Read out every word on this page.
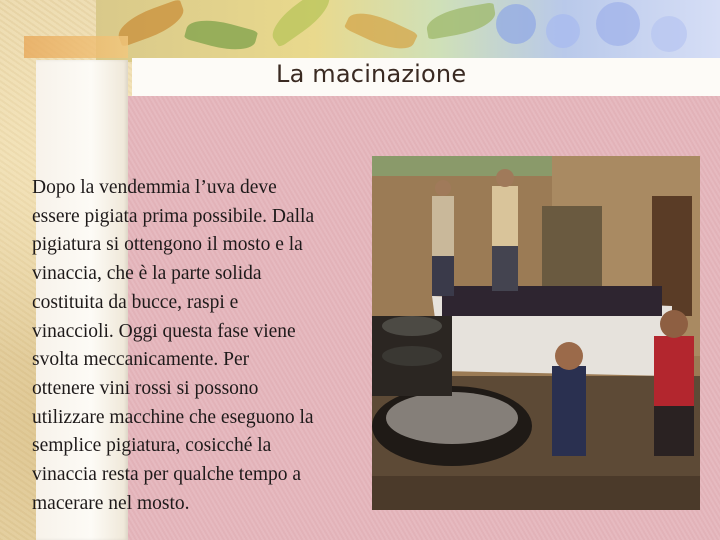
La macinazione
Dopo la vendemmia l’uva deve
essere pigiata prima possibile. Dalla
pigiatura si ottengono il mosto e la
vinaccia, che è la parte solida
costituita da bucce, raspi e
vinaccioli. Oggi questa fase viene
svolta meccanicamente. Per
ottenere vini rossi si possono
utilizzare macchine che eseguono la
semplice pigiatura, cosicché la
vinaccia resta per qualche tempo a
macerare nel mosto.
